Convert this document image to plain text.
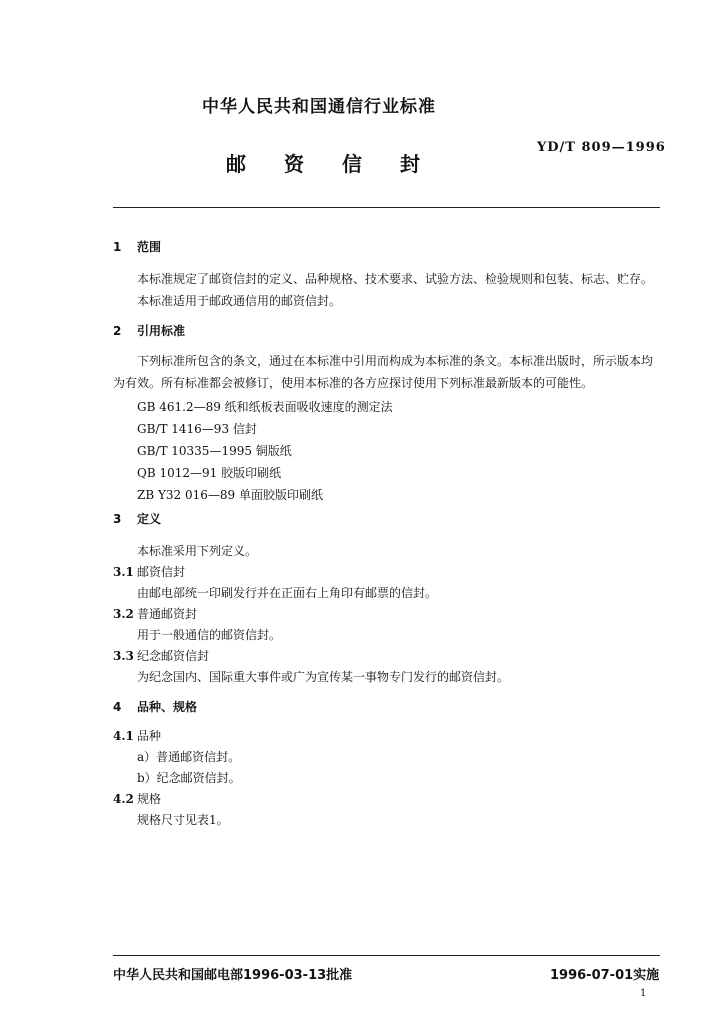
中华人民共和国通信行业标准
邮资信封
YD/T 809—1996
1 范围
本标准规定了邮资信封的定义、品种规格、技术要求、试验方法、检验规则和包装、标志、贮存。
本标准适用于邮政通信用的邮资信封。
2 引用标准
下列标准所包含的条文，通过在本标准中引用而构成为本标准的条文。本标准出版时，所示版本均为有效。所有标准都会被修订，使用本标准的各方应探讨使用下列标准最新版本的可能性。
GB 461.2—89 纸和纸板表面吸收速度的测定法
GB/T 1416—93 信封
GB/T 10335—1995 铜版纸
QB 1012—91 胶版印刷纸
ZB Y32 016—89 单面胶版印刷纸
3 定义
本标准采用下列定义。
3.1 邮资信封
由邮电部统一印刷发行并在正面右上角印有邮票的信封。
3.2 普通邮资封
用于一般通信的邮资信封。
3.3 纪念邮资信封
为纪念国内、国际重大事件或广为宣传某一事物专门发行的邮资信封。
4 品种、规格
4.1 品种
a）普通邮资信封。
b）纪念邮资信封。
4.2 规格
规格尺寸见表1。
中华人民共和国邮电部1996-03-13批准	1996-07-01实施
1
